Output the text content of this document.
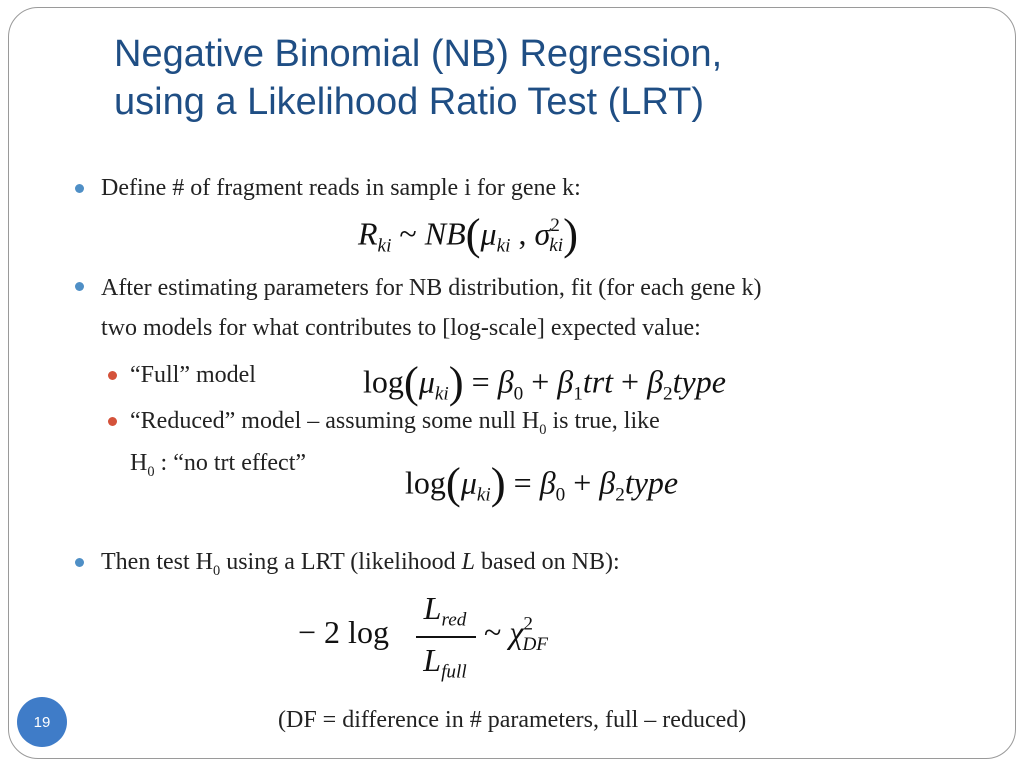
Negative Binomial (NB) Regression,
using a Likelihood Ratio Test (LRT)
Define # of fragment reads in sample i for gene k:
$R_{ki}$ ~ $NB(\mu_{ki}$ , $\sigma^2_{ki}$)
After estimating parameters for NB distribution, fit (for each gene k)
two models for what contributes to [log-scale] expected value:
“Full” model	$\log(\mu_{ki}) = \beta_0 + \beta_1trt$ + $\beta_2type$
“Reduced” model – assuming some null $H_0$ is true, like
$H_0$ : “no trt effect”
$\log(\mu_{ki}) = \beta_0$ + $\beta_2type$
Then test $H_0$ using a LRT (likelihood L based on NB):
− 2 log
$L_{red}$
$L_{full}$
~ $\chi^2_{DF}$
(DF = difference in # parameters, full – reduced)
19
